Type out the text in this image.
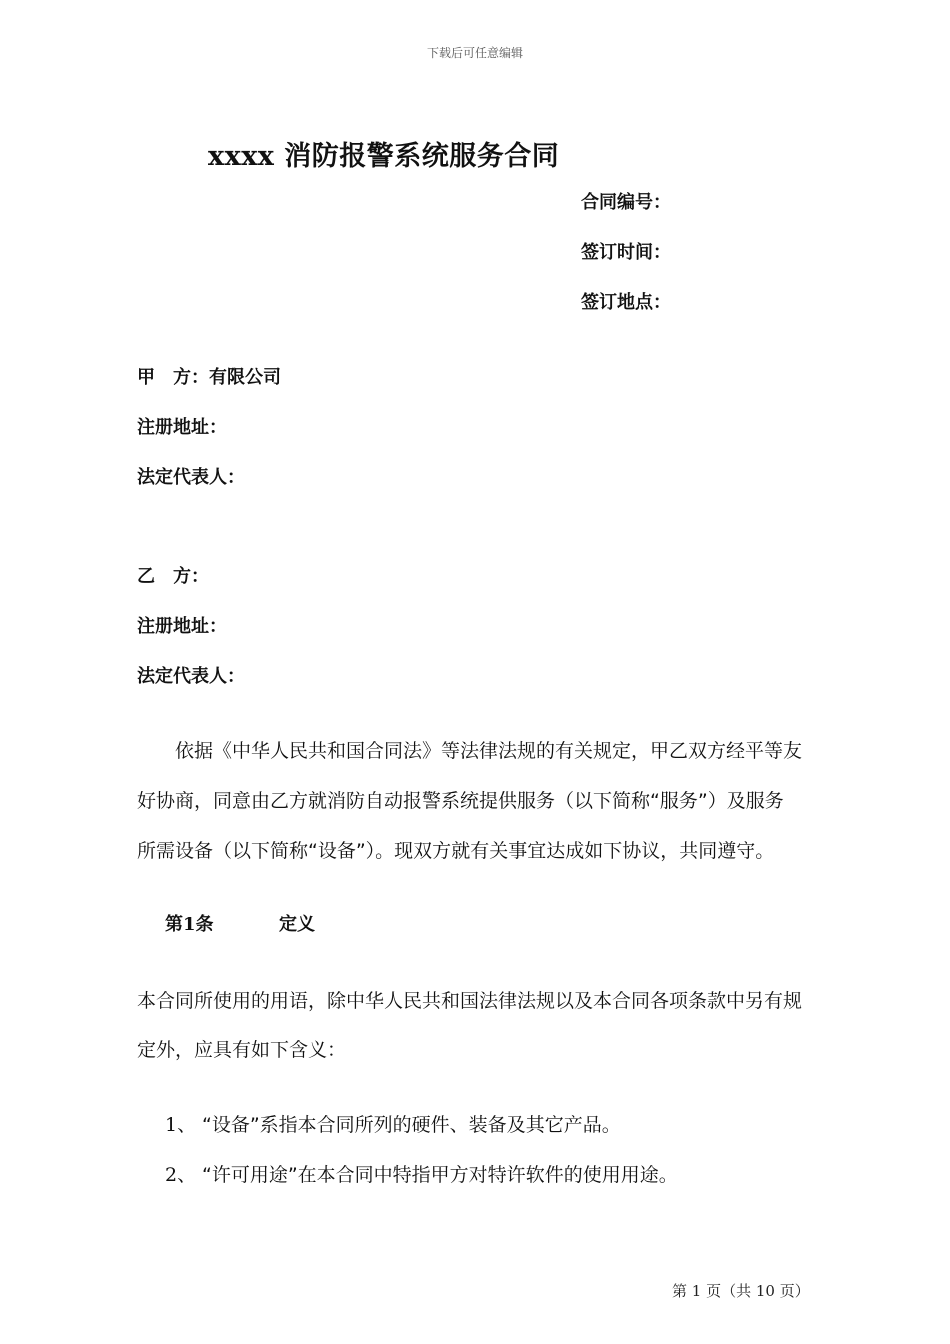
下载后可任意编辑
xxxx 消防报警系统服务合同
合同编号：
签订时间：
签订地点：
甲　方：有限公司
注册地址：
法定代表人：
乙　方：
注册地址：
法定代表人：
　　依据《中华人民共和国合同法》等法律法规的有关规定，甲乙双方经平等友
好协商，同意由乙方就消防自动报警系统提供服务（以下简称“服务”）及服务
所需设备（以下简称“设备”）。现双方就有关事宜达成如下协议，共同遵守。
第1条	定义
本合同所使用的用语，除中华人民共和国法律法规以及本合同各项条款中另有规
定外，应具有如下含义：
1、 “设备”系指本合同所列的硬件、装备及其它产品。
2、 “许可用途”在本合同中特指甲方对特许软件的使用用途。
第 1 页（共 10 页）
